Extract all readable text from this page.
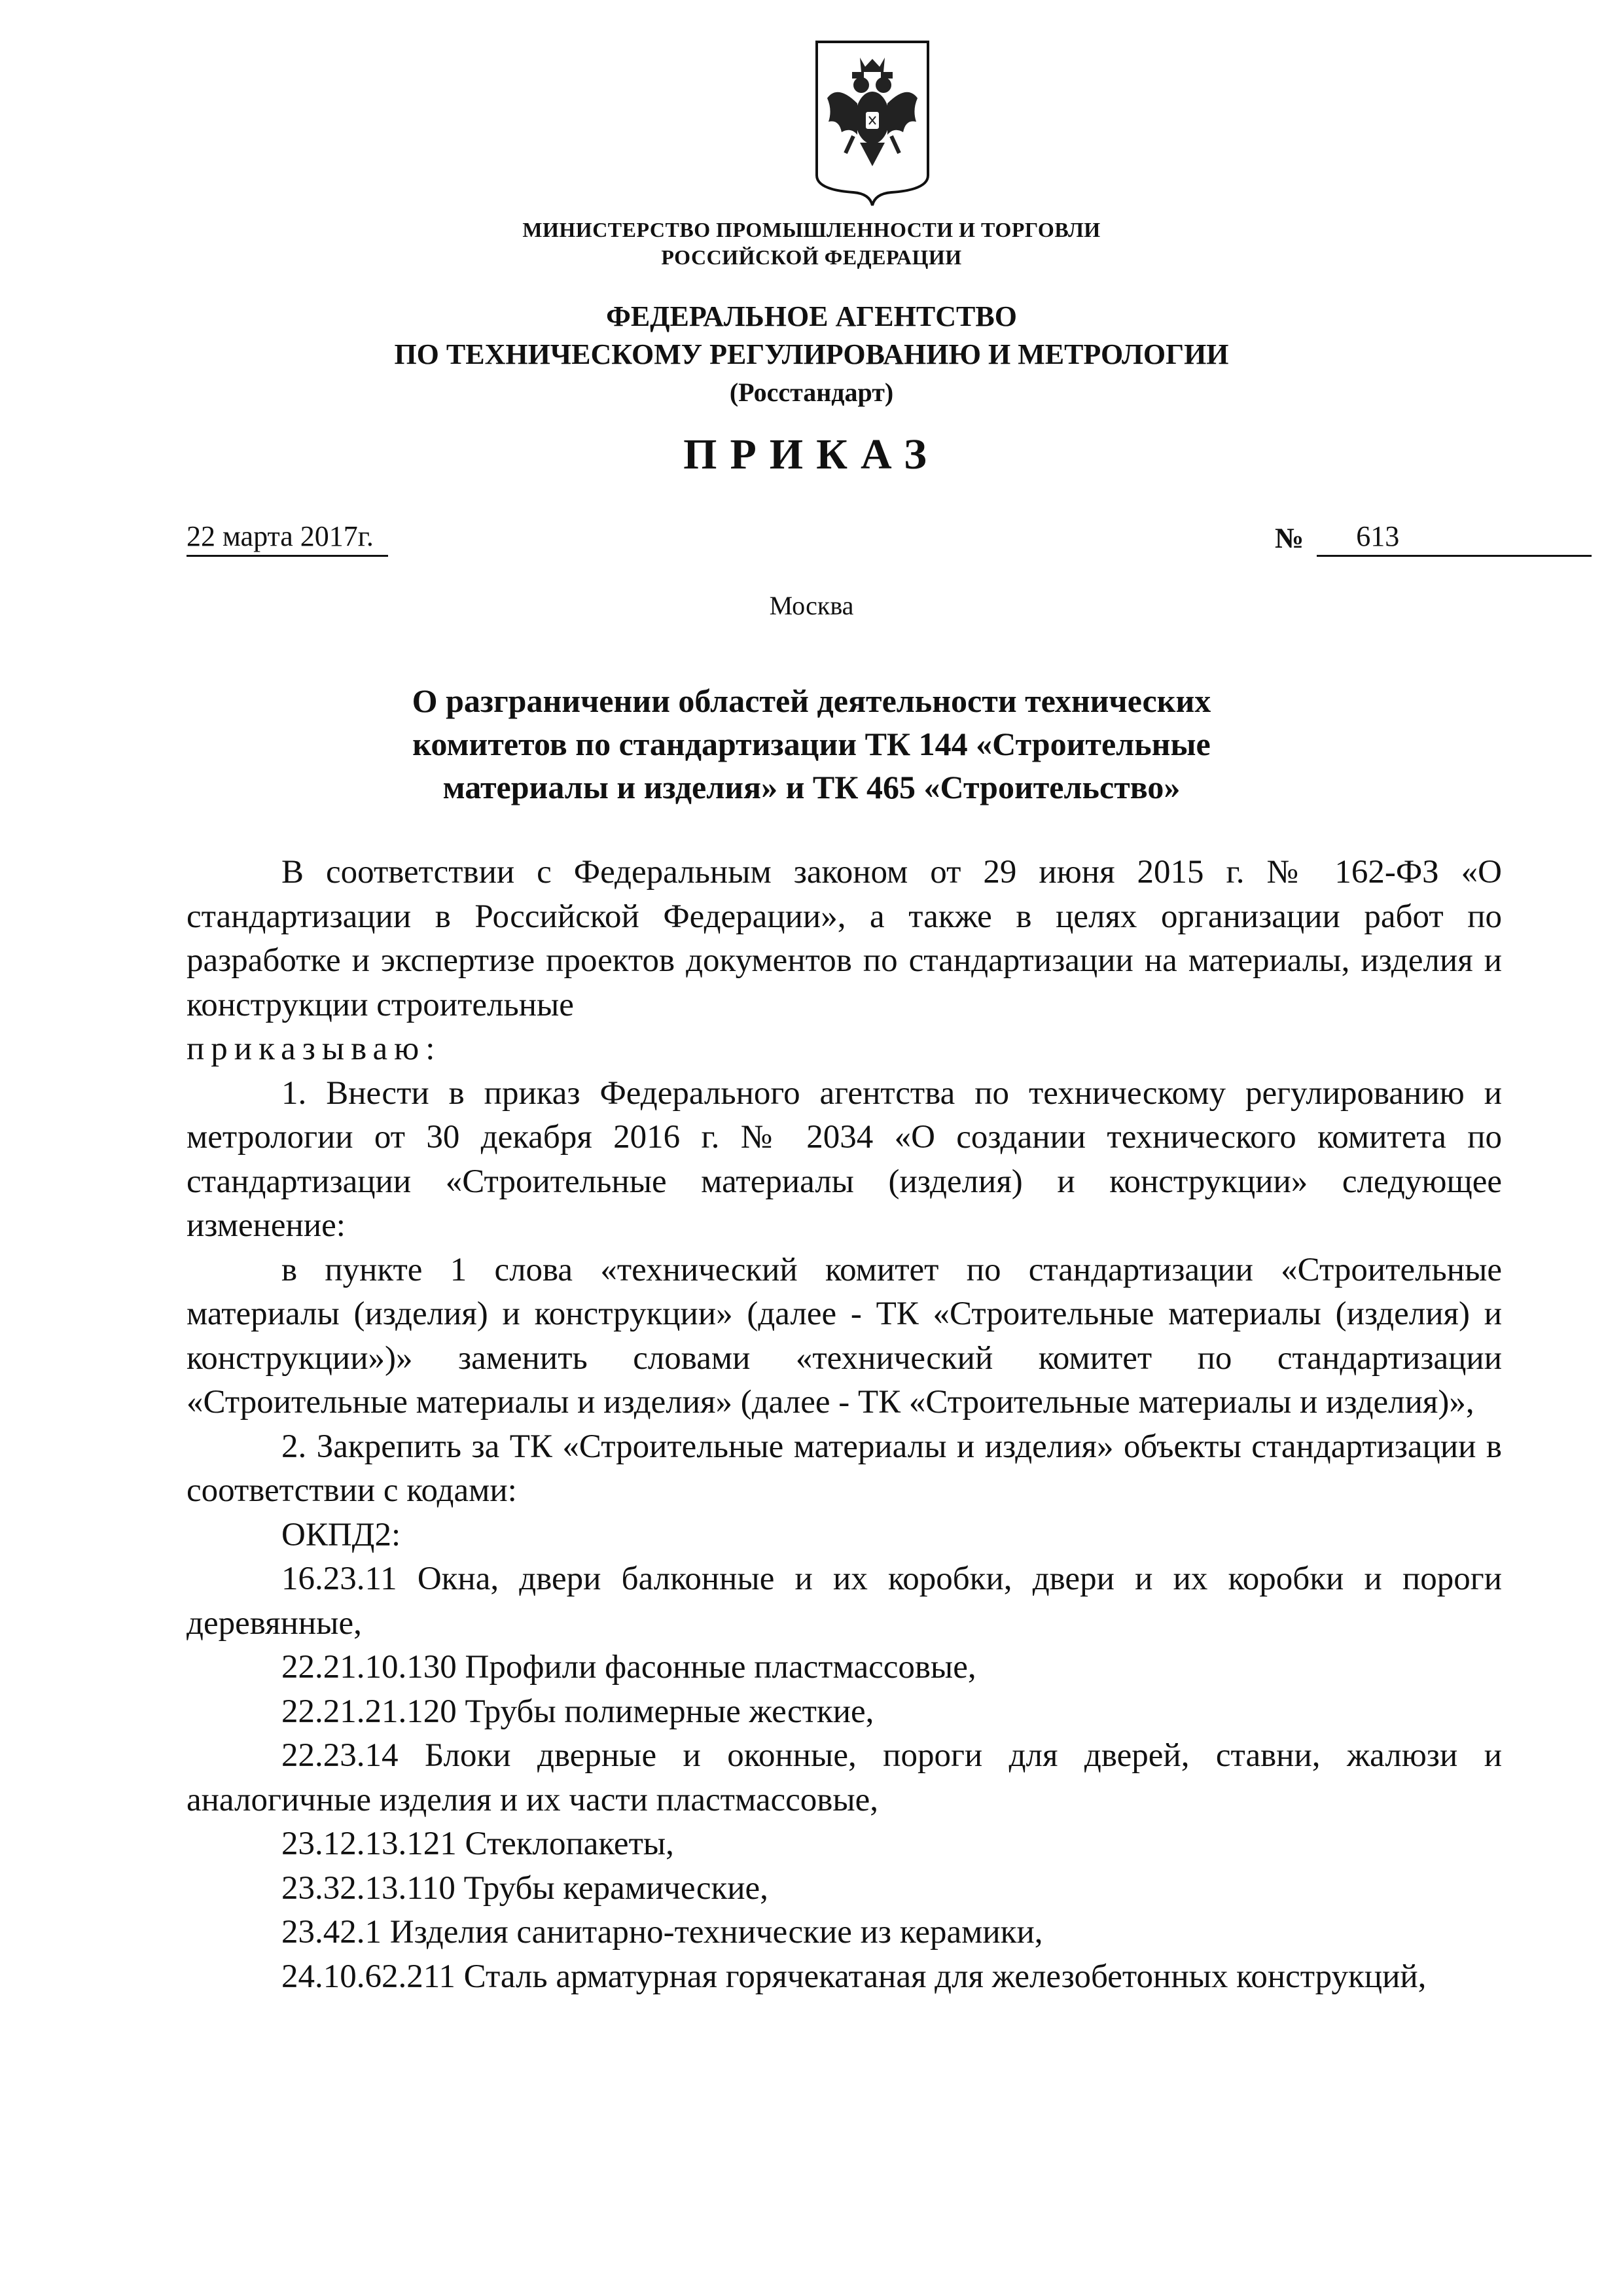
МИНИСТЕРСТВО ПРОМЫШЛЕННОСТИ И ТОРГОВЛИ
РОССИЙСКОЙ ФЕДЕРАЦИИ
ФЕДЕРАЛЬНОЕ АГЕНТСТВО
ПО ТЕХНИЧЕСКОМУ РЕГУЛИРОВАНИЮ И МЕТРОЛОГИИ
(Росстандарт)
ПРИКАЗ
22 марта 2017г.	№	613
Москва
О разграничении областей деятельности технических
комитетов по стандартизации ТК 144 «Строительные
материалы и изделия» и ТК 465 «Строительство»

В соответствии с Федеральным законом от 29 июня 2015 г. № 162-ФЗ «О стандартизации в Российской Федерации», а также в целях организации работ по разработке и экспертизе проектов документов по стандартизации на материалы, изделия и конструкции строительные

приказываю:

1. Внести в приказ Федерального агентства по техническому регулированию и метрологии от 30 декабря 2016 г. № 2034 «О создании технического комитета по стандартизации «Строительные материалы (изделия) и конструкции» следующее изменение:

в пункте 1 слова «технический комитет по стандартизации «Строительные материалы (изделия) и конструкции» (далее - ТК «Строительные материалы (изделия) и конструкции»)» заменить словами «технический комитет по стандартизации «Строительные материалы и изделия» (далее - ТК «Строительные материалы и изделия)»,

2. Закрепить за ТК «Строительные материалы и изделия» объекты стандартизации в соответствии с кодами:

ОКПД2:

16.23.11 Окна, двери балконные и их коробки, двери и их коробки и пороги деревянные,

22.21.10.130 Профили фасонные пластмассовые,

22.21.21.120 Трубы полимерные жесткие,

22.23.14 Блоки дверные и оконные, пороги для дверей, ставни, жалюзи и аналогичные изделия и их части пластмассовые,

23.12.13.121 Стеклопакеты,

23.32.13.110 Трубы керамические,

23.42.1 Изделия санитарно-технические из керамики,

24.10.62.211 Сталь арматурная горячекатаная для железобетонных конструкций,
